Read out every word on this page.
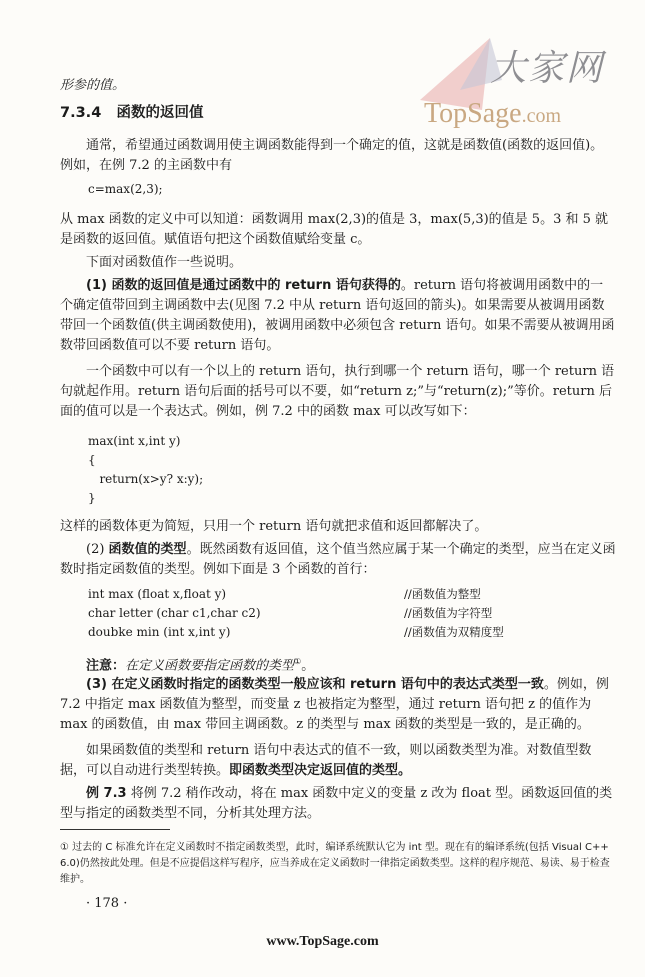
大家网
TopSage.com

形参的值。

7.3.4 函数的返回值

通常，希望通过函数调用使主调函数能得到一个确定的值，这就是函数值(函数的返回值)。例如，在例 7.2 的主函数中有

c=max(2,3);

从 max 函数的定义中可以知道：函数调用 max(2,3)的值是 3，max(5,3)的值是 5。3 和 5 就是函数的返回值。赋值语句把这个函数值赋给变量 c。

下面对函数值作一些说明。

(1) 函数的返回值是通过函数中的 return 语句获得的。return 语句将被调用函数中的一个确定值带回到主调函数中去(见图 7.2 中从 return 语句返回的箭头)。如果需要从被调用函数带回一个函数值(供主调函数使用)，被调用函数中必须包含 return 语句。如果不需要从被调用函数带回函数值可以不要 return 语句。

一个函数中可以有一个以上的 return 语句，执行到哪一个 return 语句，哪一个 return 语句就起作用。return 语句后面的括号可以不要，如“return z;”与“return(z);”等价。return 后面的值可以是一个表达式。例如，例 7.2 中的函数 max 可以改写如下：

max(int x,int y)
{
return(x>y? x:y);
}

这样的函数体更为简短，只用一个 return 语句就把求值和返回都解决了。

(2) 函数值的类型。既然函数有返回值，这个值当然应属于某一个确定的类型，应当在定义函数时指定函数值的类型。例如下面是 3 个函数的首行：

int max (float x,float y)
char letter (char c1,char c2)
doubke min (int x,int y)
//函数值为整型
//函数值为字符型
//函数值为双精度型

注意：在定义函数要指定函数的类型①。

(3) 在定义函数时指定的函数类型一般应该和 return 语句中的表达式类型一致。例如，例 7.2 中指定 max 函数值为整型，而变量 z 也被指定为整型，通过 return 语句把 z 的值作为 max 的函数值，由 max 带回主调函数。z 的类型与 max 函数的类型是一致的，是正确的。

如果函数值的类型和 return 语句中表达式的值不一致，则以函数类型为准。对数值型数据，可以自动进行类型转换。即函数类型决定返回值的类型。

例 7.3 将例 7.2 稍作改动，将在 max 函数中定义的变量 z 改为 float 型。函数返回值的类型与指定的函数类型不同，分析其处理方法。

① 过去的 C 标准允许在定义函数时不指定函数类型，此时，编译系统默认它为 int 型。现在有的编译系统(包括 Visual C++ 6.0)仍然按此处理。但是不应提倡这样写程序，应当养成在定义函数时一律指定函数类型。这样的程序规范、易读、易于检查维护。
· 178 ·
www.TopSage.com
